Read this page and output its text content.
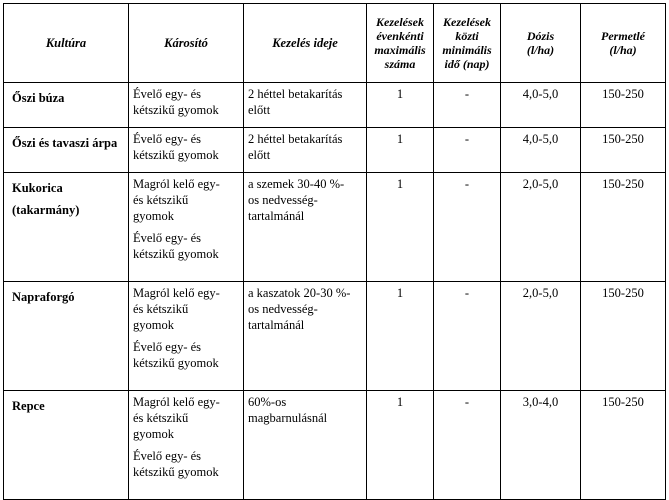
Kultúra	Károsító	Kezelés ideje	Kezelések
évenkénti
maximális
száma	Kezelések
közti
minimális
idő (nap)	Dózis
(l/ha)	Permetlé
(l/ha)

Őszi búza	Évelő egy- és
kétszikű gyomok	2 héttel betakarítás
előtt	1	-	4,0-5,0	150-250
Őszi és tavaszi árpa	Évelő egy- és
kétszikű gyomok	2 héttel betakarítás
előtt	1	-	4,0-5,0	150-250
Kukorica (takarmány)	Magról kelő egy-
és kétszikű
gyomok
Évelő egy- és
kétszikű gyomok	a szemek 30-40 %-
os nedvesség-
tartalmánál	1	-	2,0-5,0	150-250
Napraforgó	Magról kelő egy-
és kétszikű
gyomok
Évelő egy- és
kétszikű gyomok	a kaszatok 20-30 %-
os nedvesség-
tartalmánál	1	-	2,0-5,0	150-250
Repce	Magról kelő egy-
és kétszikű
gyomok
Évelő egy- és
kétszikű gyomok	60%-os
magbarnulásnál	1	-	3,0-4,0	150-250
